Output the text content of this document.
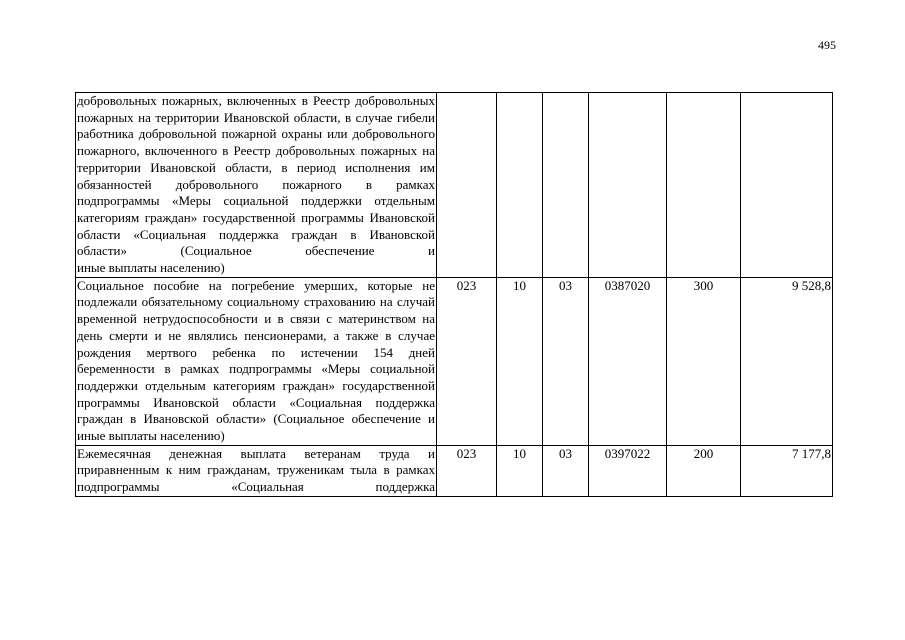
495
добровольных пожарных, включенных в Реестр добровольных пожарных на территории Ивановской области, в случае гибели работника добровольной пожарной охраны или добровольного пожарного, включенного в Реестр добровольных пожарных на территории Ивановской области, в период исполнения им обязанностей добровольного пожарного в рамках подпрограммы «Меры социальной поддержки отдельным категориям граждан» государственной программы Ивановской области «Социальная поддержка граждан в Ивановской области» (Социальное обеспечение и
иные выплаты населению)						

Социальное пособие на погребение умерших, которые не подлежали обязательному социальному страхованию на случай временной нетрудоспособности и в связи с материнством на день смерти и не являлись пенсионерами, а также в случае рождения мертвого ребенка по истечении 154 дней беременности в рамках подпрограммы «Меры социальной поддержки отдельным категориям граждан» государственной программы Ивановской области «Социальная поддержка граждан в Ивановской области» (Социальное обеспечение и
иные выплаты населению)	023	10	03	0387020	300	9 528,8
Ежемесячная денежная выплата ветеранам труда и приравненным к ним гражданам, труженикам тыла в рамках подпрограммы «Социальная поддержка	023	10	03	0397022	200	7 177,8
